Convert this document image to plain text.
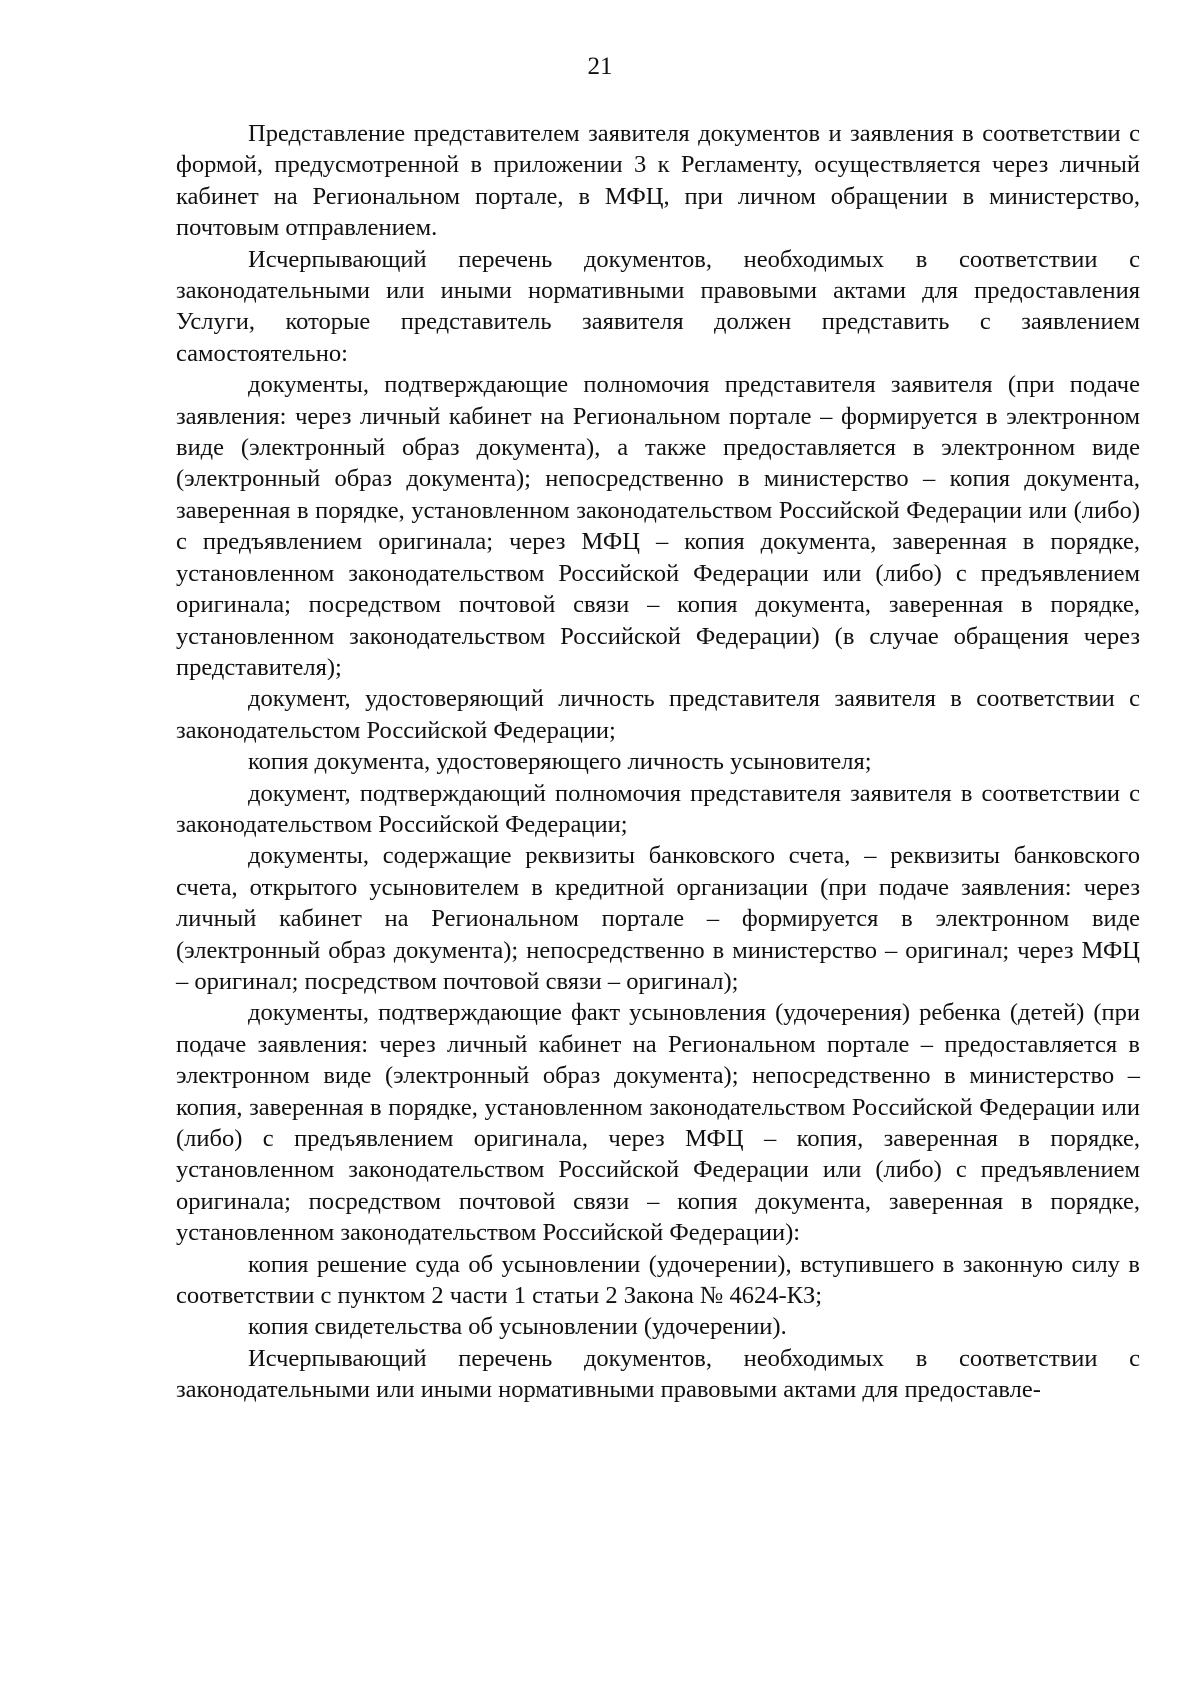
21

Представление представителем заявителя документов и заявления в соответствии с формой, предусмотренной в приложении 3 к Регламенту, осуществляется через личный кабинет на Региональном портале, в МФЦ, при личном обращении в министерство, почтовым отправлением.

Исчерпывающий перечень документов, необходимых в соответствии с законодательными или иными нормативными правовыми актами для предоставления Услуги, которые представитель заявителя должен представить с заявлением самостоятельно:

документы, подтверждающие полномочия представителя заявителя (при подаче заявления: через личный кабинет на Региональном портале – формируется в электронном виде (электронный образ документа), а также предоставляется в электронном виде (электронный образ документа); непосредственно в министерство – копия документа, заверенная в порядке, установленном законодательством Российской Федерации или (либо) с предъявлением оригинала; через МФЦ – копия документа, заверенная в порядке, установленном законодательством Российской Федерации или (либо) с предъявлением оригинала; посредством почтовой связи – копия документа, заверенная в порядке, установленном законодательством Российской Федерации) (в случае обращения через представителя);

документ, удостоверяющий личность представителя заявителя в соответствии с законодательстом Российской Федерации;

копия документа, удостоверяющего личность усыновителя;

документ, подтверждающий полномочия представителя заявителя в соответствии с законодательством Российской Федерации;

документы, содержащие реквизиты банковского счета, – реквизиты банковского счета, открытого усыновителем в кредитной организации (при подаче заявления: через личный кабинет на Региональном портале – формируется в электронном виде (электронный образ документа); непосредственно в министерство – оригинал; через МФЦ – оригинал; посредством почтовой связи – оригинал);

документы, подтверждающие факт усыновления (удочерения) ребенка (детей) (при подаче заявления: через личный кабинет на Региональном портале – предоставляется в электронном виде (электронный образ документа); непосредственно в министерство – копия, заверенная в порядке, установленном законодательством Российской Федерации или (либо) с предъявлением оригинала, через МФЦ – копия, заверенная в порядке, установленном законодательством Российской Федерации или (либо) с предъявлением оригинала; посредством почтовой связи – копия документа, заверенная в порядке, установленном законодательством Российской Федерации):

копия решение суда об усыновлении (удочерении), вступившего в законную силу в соответствии с пунктом 2 части 1 статьи 2 Закона № 4624-КЗ;

копия свидетельства об усыновлении (удочерении).

Исчерпывающий перечень документов, необходимых в соответствии с законодательными или иными нормативными правовыми актами для предоставле-
